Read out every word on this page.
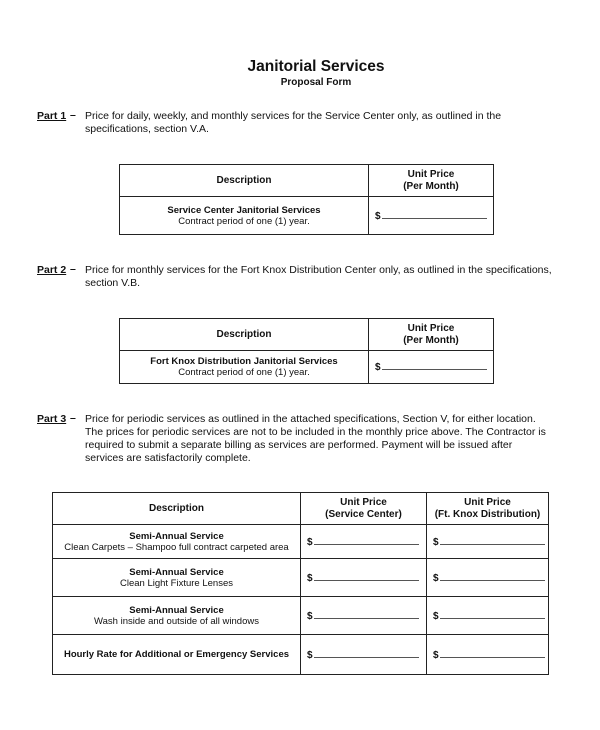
Janitorial Services
Proposal Form
Part 1 – Price for daily, weekly, and monthly services for the Service Center only, as outlined in the
specifications, section V.A.
Description	Unit Price
(Per Month)

Service Center Janitorial Services
Contract period of one (1) year.	$
Part 2 – Price for monthly services for the Fort Knox Distribution Center only, as outlined in the specifications,
section V.B.
Description	Unit Price
(Per Month)

Fort Knox Distribution Janitorial Services
Contract period of one (1) year.	$
Part 3 – Price for periodic services as outlined in the attached specifications, Section V, for either location.
The prices for periodic services are not to be included in the monthly price above. The Contractor is
required to submit a separate billing as services are performed. Payment will be issued after
services are satisfactorily complete.
Description	Unit Price
(Service Center)	Unit Price
(Ft. Knox Distribution)

Semi-Annual Service
Clean Carpets – Shampoo full contract carpeted area	$	$

Semi-Annual Service
Clean Light Fixture Lenses	$	$

Semi-Annual Service
Wash inside and outside of all windows	$	$
Hourly Rate for Additional or Emergency Services	$	$
